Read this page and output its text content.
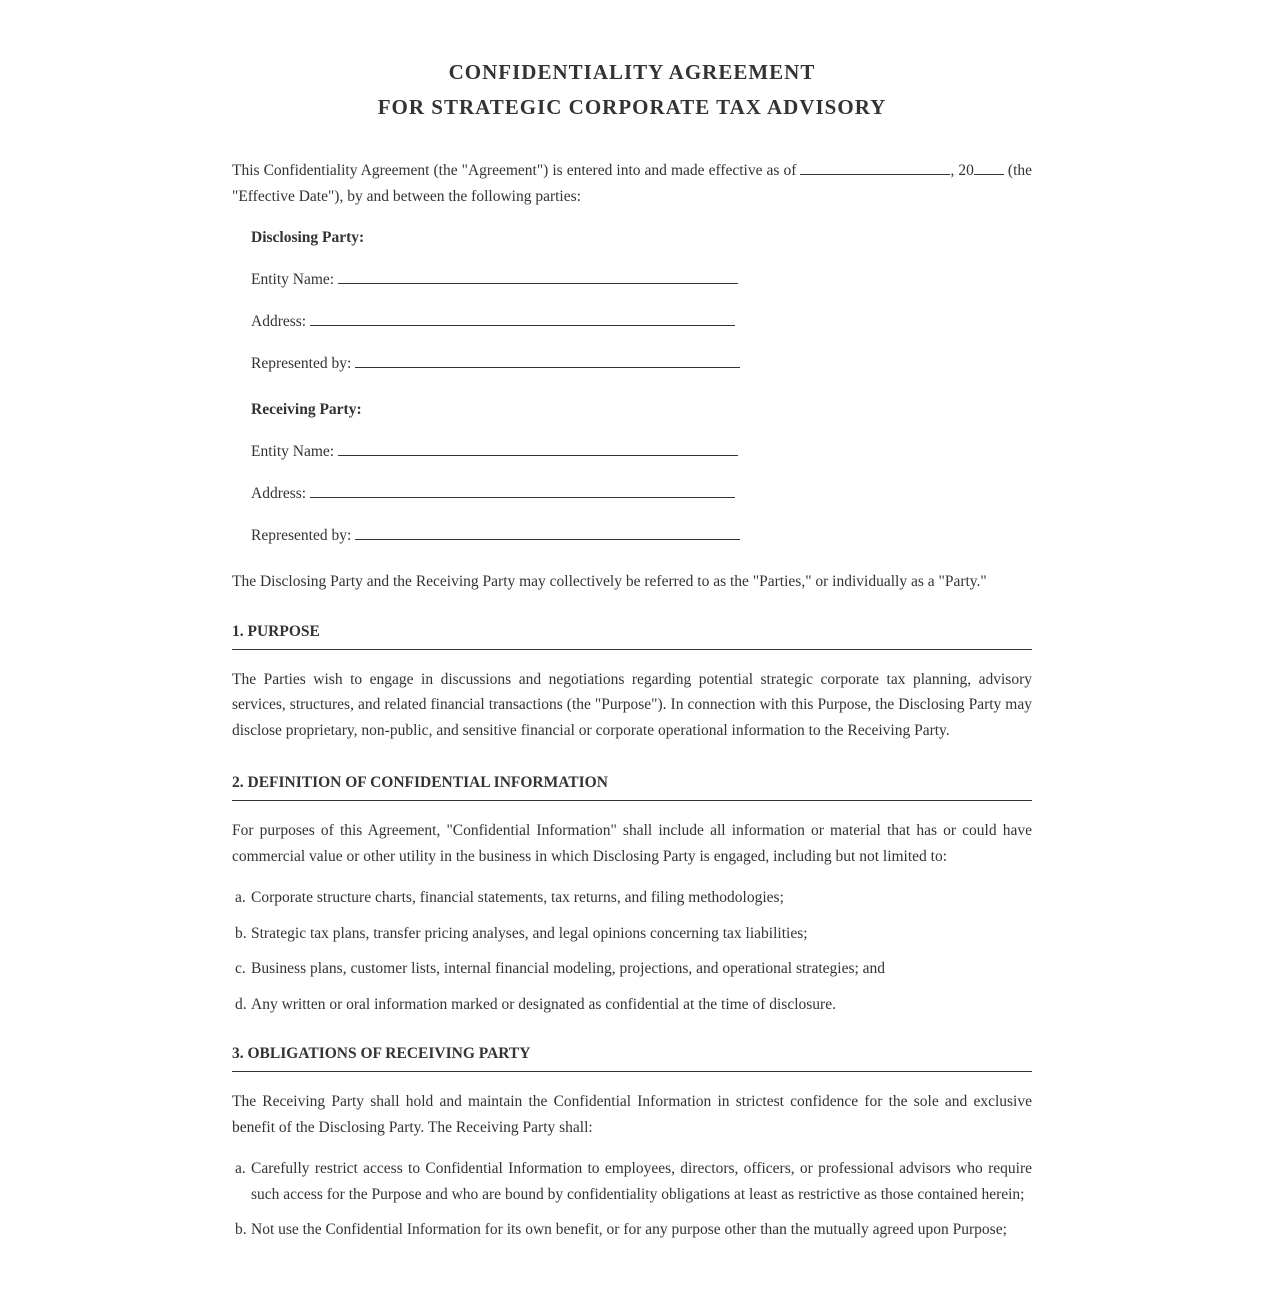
CONFIDENTIALITY AGREEMENT
FOR STRATEGIC CORPORATE TAX ADVISORY

This Confidentiality Agreement (the "Agreement") is entered into and made effective as of	, 20 (the "Effective Date"), by and between the following parties:

Disclosing Party:
Entity Name:
Address:
Represented by:
Receiving Party:
Entity Name:
Address:
Represented by:

The Disclosing Party and the Receiving Party may collectively be referred to as the "Parties," or individually as a "Party."

1. PURPOSE

The Parties wish to engage in discussions and negotiations regarding potential strategic corporate tax planning, advisory services, structures, and related financial transactions (the "Purpose"). In connection with this Purpose, the Disclosing Party may disclose proprietary, non-public, and sensitive financial or corporate operational information to the Receiving Party.

2. DEFINITION OF CONFIDENTIAL INFORMATION

For purposes of this Agreement, "Confidential Information" shall include all information or material that has or could have commercial value or other utility in the business in which Disclosing Party is engaged, including but not limited to:

a. Corporate structure charts, financial statements, tax returns, and filing methodologies;
b. Strategic tax plans, transfer pricing analyses, and legal opinions concerning tax liabilities;
c. Business plans, customer lists, internal financial modeling, projections, and operational strategies; and
d. Any written or oral information marked or designated as confidential at the time of disclosure.
3. OBLIGATIONS OF RECEIVING PARTY

The Receiving Party shall hold and maintain the Confidential Information in strictest confidence for the sole and exclusive benefit of the Disclosing Party. The Receiving Party shall:

a. Carefully restrict access to Confidential Information to employees, directors, officers, or professional advisors who require such access for the Purpose and who are bound by confidentiality obligations at least as restrictive as those contained herein;
b. Not use the Confidential Information for its own benefit, or for any purpose other than the mutually agreed upon Purpose;
